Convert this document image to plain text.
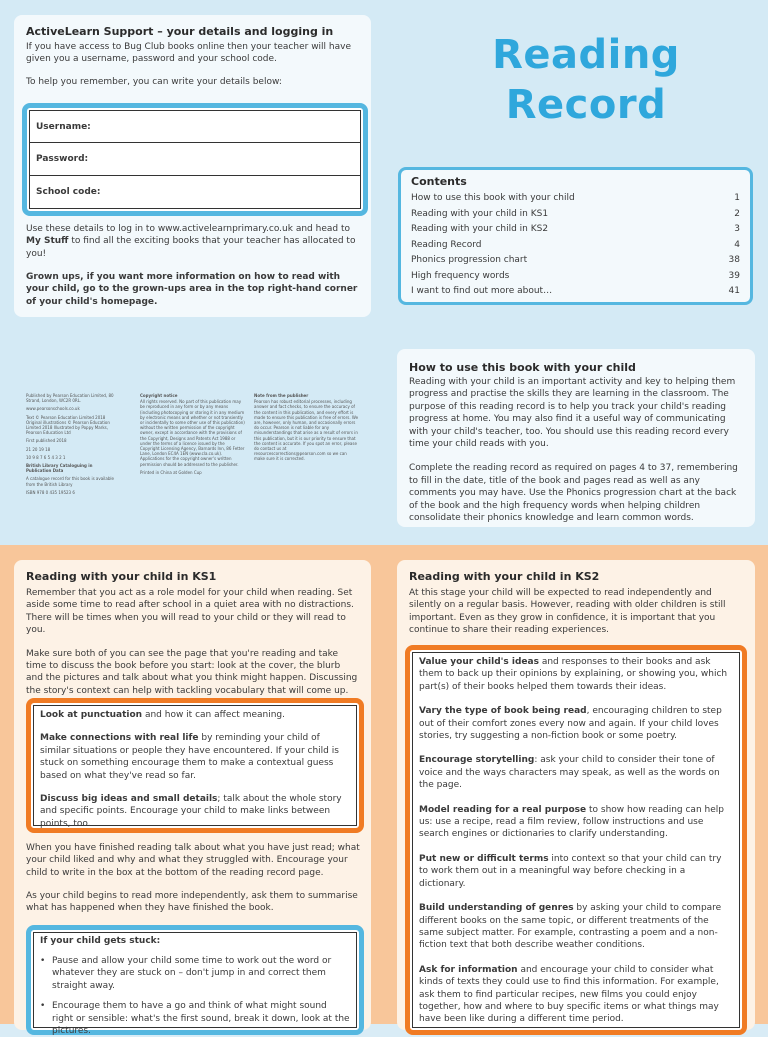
ActiveLearn Support – your details and logging in

If you have access to Bug Club books online then your teacher will have given you a username, password and your school code.

To help you remember, you can write your details below:

Username:
Password:
School code:

Use these details to log in to www.activelearnprimary.co.uk and head to My Stuff to find all the exciting books that your teacher has allocated to you!

Grown ups, if you want more information on how to read with your child, go to the grown-ups area in the top right-hand corner of your child's homepage.

Reading
Record
Contents
How to use this book with your child	1
Reading with your child in KS1	2
Reading with your child in KS2	3
Reading Record	4
Phonics progression chart	38
High frequency words	39
I want to find out more about…	41
Published by Pearson Education Limited, 80 Strand, London, WC2R 0RL.
www.pearsonschools.co.uk
Text © Pearson Education Limited 2018 Original illustrations © Pearson Education Limited 2018 Illustrated by Poppy Marks, Pearson Education Ltd
First published 2018
21 20 19 18
10 9 8 7 6 5 4 3 2 1
British Library Cataloguing in Publication Data
A catalogue record for this book is available from the British Library
ISBN 978 0 435 19523 6
Copyright notice
All rights reserved. No part of this publication may be reproduced in any form or by any means (including photocopying or storing it in any medium by electronic means and whether or not transiently or incidentally to some other use of this publication) without the written permission of the copyright owner, except in accordance with the provisions of the Copyright, Designs and Patents Act 1988 or under the terms of a licence issued by the Copyright Licensing Agency, Barnards Inn, 86 Fetter Lane, London EC4A 1EN (www.cla.co.uk). Applications for the copyright owner's written permission should be addressed to the publisher.
Printed in China at Golden Cup
Note from the publisher
Pearson has robust editorial processes, including answer and fact checks, to ensure the accuracy of the content in this publication, and every effort is made to ensure this publication is free of errors. We are, however, only human, and occasionally errors do occur. Pearson is not liable for any misunderstandings that arise as a result of errors in this publication, but it is our priority to ensure that the content is accurate. If you spot an error, please do contact us at resourcescorrections@pearson.com so we can make sure it is corrected.
How to use this book with your child

Reading with your child is an important activity and key to helping them progress and practise the skills they are learning in the classroom. The purpose of this reading record is to help you track your child's reading progress at home. You may also find it a useful way of communicating with your child's teacher, too. You should use this reading record every time your child reads with you.

Complete the reading record as required on pages 4 to 37, remembering to fill in the date, title of the book and pages read as well as any comments you may have. Use the Phonics progression chart at the back of the book and the high frequency words when helping children consolidate their phonics knowledge and learn common words.

Reading with your child in KS1

Remember that you act as a role model for your child when reading. Set aside some time to read after school in a quiet area with no distractions. There will be times when you will read to your child or they will read to you.

Make sure both of you can see the page that you're reading and take time to discuss the book before you start: look at the cover, the blurb and the pictures and talk about what you think might happen. Discussing the story's context can help with tackling vocabulary that will come up.

Look at punctuation and how it can affect meaning.

Make connections with real life by reminding your child of similar situations or people they have encountered. If your child is stuck on something encourage them to make a contextual guess based on what they've read so far.

Discuss big ideas and small details; talk about the whole story and specific points. Encourage your child to make links between points, too.

When you have finished reading talk about what you have just read; what your child liked and why and what they struggled with. Encourage your child to write in the box at the bottom of the reading record page.

As your child begins to read more independently, ask them to summarise what has happened when they have finished the book.

If your child gets stuck:
• Pause and allow your child some time to work out the word or whatever they are stuck on – don't jump in and correct them straight away.
• Encourage them to have a go and think of what might sound right or sensible: what's the first sound, break it down, look at the pictures.
Reading with your child in KS2

At this stage your child will be expected to read independently and silently on a regular basis. However, reading with older children is still important. Even as they grow in confidence, it is important that you continue to share their reading experiences.

Value your child's ideas and responses to their books and ask them to back up their opinions by explaining, or showing you, which part(s) of their books helped them towards their ideas.

Vary the type of book being read, encouraging children to step out of their comfort zones every now and again. If your child loves stories, try suggesting a non-fiction book or some poetry.

Encourage storytelling: ask your child to consider their tone of voice and the ways characters may speak, as well as the words on the page.

Model reading for a real purpose to show how reading can help us: use a recipe, read a film review, follow instructions and use search engines or dictionaries to clarify understanding.

Put new or difficult terms into context so that your child can try to work them out in a meaningful way before checking in a dictionary.

Build understanding of genres by asking your child to compare different books on the same topic, or different treatments of the same subject matter. For example, contrasting a poem and a non-fiction text that both describe weather conditions.

Ask for information and encourage your child to consider what kinds of texts they could use to find this information. For example, ask them to find particular recipes, new films you could enjoy together, how and where to buy specific items or what things may have been like during a different time period.
